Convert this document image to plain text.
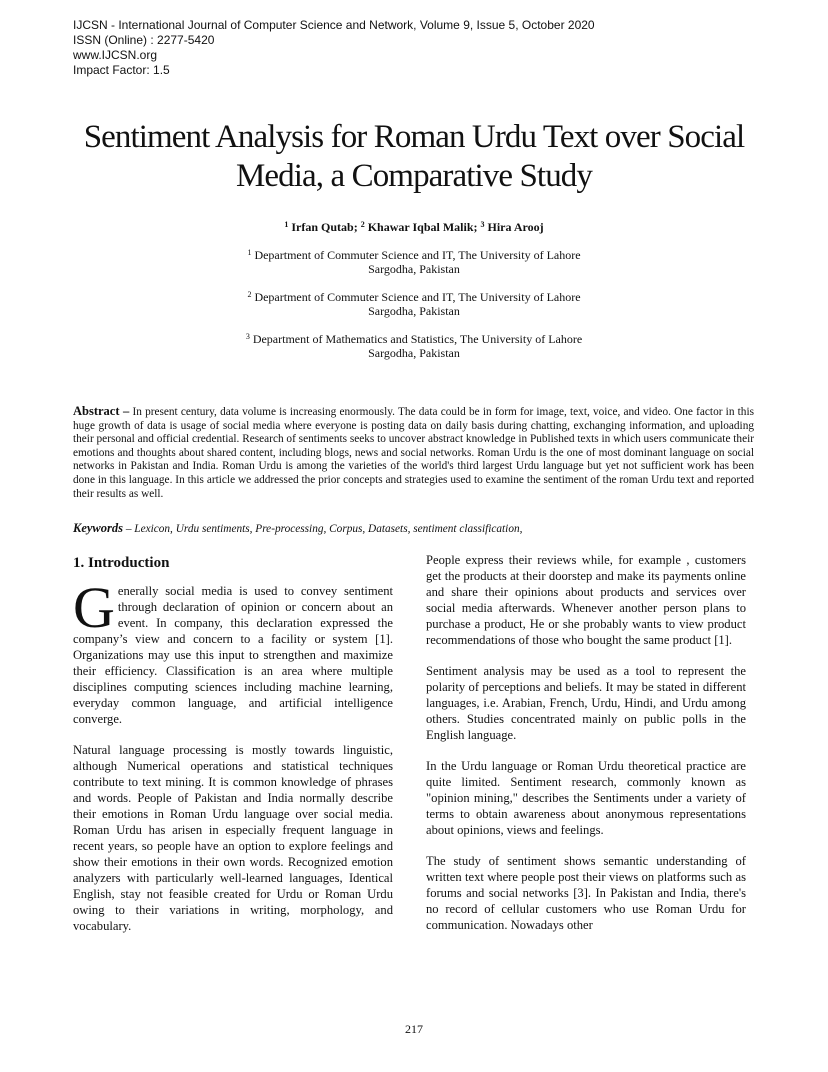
IJCSN - International Journal of Computer Science and Network, Volume 9, Issue 5, October 2020
ISSN (Online) : 2277-5420
www.IJCSN.org
Impact Factor: 1.5
Sentiment Analysis for Roman Urdu Text over Social
Media, a Comparative Study
$^1$ Irfan Qutab; $^2$ Khawar Iqbal Malik; $^3$ Hira Arooj
$^1$ Department of Commuter Science and IT, The University of Lahore
Sargodha, Pakistan
$^2$ Department of Commuter Science and IT, The University of Lahore
Sargodha, Pakistan
$^3$ Department of Mathematics and Statistics, The University of Lahore
Sargodha, Pakistan
Abstract – In present century, data volume is increasing enormously. The data could be in form for image, text, voice, and video. One factor in this huge growth of data is usage of social media where everyone is posting data on daily basis during chatting, exchanging information, and uploading their personal and official credential. Research of sentiments seeks to uncover abstract knowledge in Published texts in which users communicate their emotions and thoughts about shared content, including blogs, news and social networks. Roman Urdu is the one of most dominant language on social networks in Pakistan and India. Roman Urdu is among the varieties of the world's third largest Urdu language but yet not sufficient work has been done in this language. In this article we addressed the prior concepts and strategies used to examine the sentiment of the roman Urdu text and reported their results as well.
Keywords – Lexicon, Urdu sentiments, Pre-processing, Corpus, Datasets, sentiment classification,
1. Introduction

Generally social media is used to convey sentiment through declaration of opinion or concern about an event. In company, this declaration expressed the company’s view and concern to a facility or system [1]. Organizations may use this input to strengthen and maximize their efficiency. Classification is an area where multiple disciplines computing sciences including machine learning, everyday common language, and artificial intelligence converge.

Natural language processing is mostly towards linguistic, although Numerical operations and statistical techniques contribute to text mining. It is common knowledge of phrases and words. People of Pakistan and India normally describe their emotions in Roman Urdu language over social media. Roman Urdu has arisen in especially frequent language in recent years, so people have an option to explore feelings and show their emotions in their own words. Recognized emotion analyzers with particularly well-learned languages, Identical English, stay not feasible created for Urdu or Roman Urdu owing to their variations in writing, morphology, and vocabulary.

People express their reviews while, for example , customers get the products at their doorstep and make its payments online and share their opinions about products and services over social media afterwards. Whenever another person plans to purchase a product, He or she probably wants to view product recommendations of those who bought the same product [1].

Sentiment analysis may be used as a tool to represent the polarity of perceptions and beliefs. It may be stated in different languages, i.e. Arabian, French, Urdu, Hindi, and Urdu among others. Studies concentrated mainly on public polls in the English language.

In the Urdu language or Roman Urdu theoretical practice are quite limited. Sentiment research, commonly known as "opinion mining," describes the Sentiments under a variety of terms to obtain awareness about anonymous representations about opinions, views and feelings.

The study of sentiment shows semantic understanding of written text where people post their views on platforms such as forums and social networks [3]. In Pakistan and India, there's no record of cellular customers who use Roman Urdu for communication. Nowadays other

217
